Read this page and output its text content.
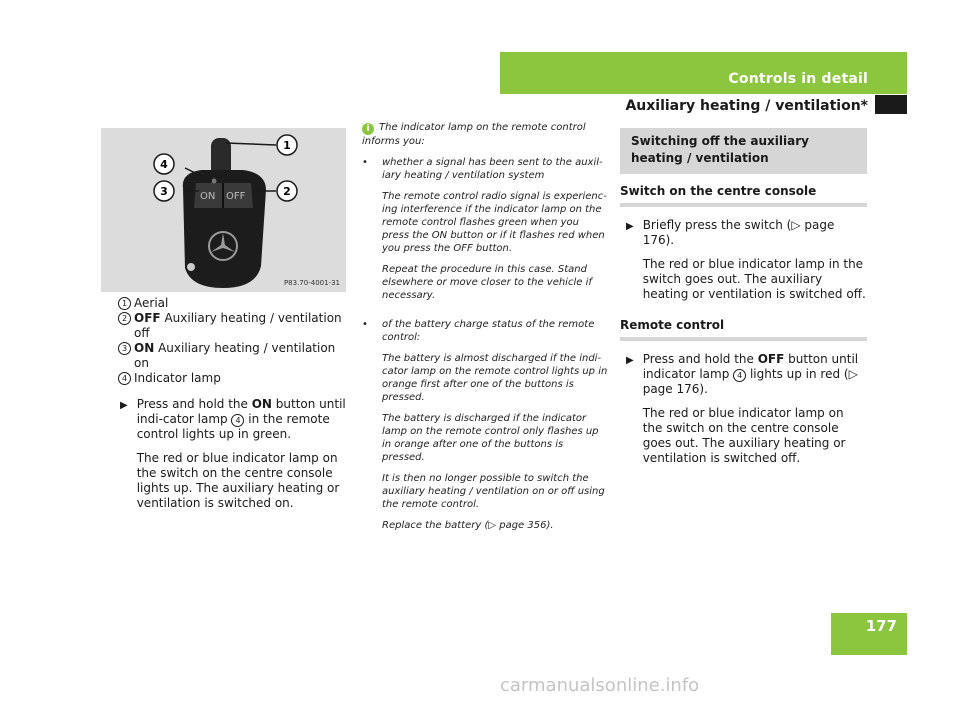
Controls in detail
Auxiliary heating / ventilation*
ON OFF
1
2
3
4
P83.70-4001-31
1 Aerial
2 OFF Auxiliary heating / ventilation off
3 ON Auxiliary heating / ventilation on
4 Indicator lamp
▶ Press and hold the ON button until indi-cator lamp 4 in the remote control lights up in green.

The red or blue indicator lamp on the switch on the centre console lights up. The auxiliary heating or ventilation is switched on.

i The indicator lamp on the remote control informs you:

•	whether a signal has been sent to the auxil-iary heating / ventilation system

The remote control radio signal is experienc-ing interference if the indicator lamp on the remote control flashes green when you press the ON button or if it flashes red when you press the OFF button.

Repeat the procedure in this case. Stand elsewhere or move closer to the vehicle if necessary.

•	of the battery charge status of the remote control:

The battery is almost discharged if the indi-cator lamp on the remote control lights up in orange first after one of the buttons is pressed.

The battery is discharged if the indicator lamp on the remote control only flashes up in orange after one of the buttons is pressed.

It is then no longer possible to switch the auxiliary heating / ventilation on or off using the remote control.

Replace the battery (▷ page 356).

Switching off the auxiliary heating / ventilation

Switch on the centre console

▶ Briefly press the switch (▷ page 176).

The red or blue indicator lamp in the switch goes out. The auxiliary heating or ventilation is switched off.

Remote control

▶ Press and hold the OFF button until indicator lamp 4 lights up in red (▷ page 176).

The red or blue indicator lamp on the switch on the centre console goes out. The auxiliary heating or ventilation is switched off.

177

carmanualsonline.info
